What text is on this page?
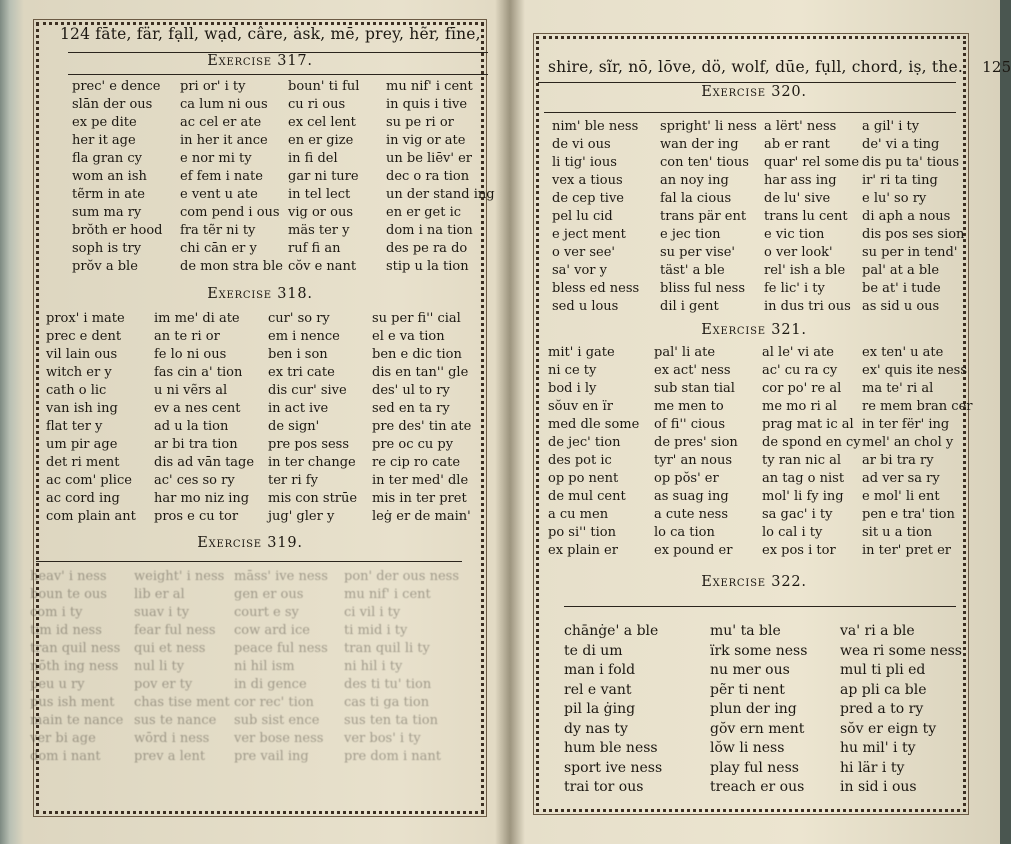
124 fāte, fär, fạll, wạd, câre, ȧsk, mē, prey, hẽr, fīne,
Exercise 317.
prec' e dence
slān der ous
ex pe dite
her it age
fla gran cy
wom an ish
tẽrm in ate
sum ma ry
brŏth er hood
soph is try
prŏv a ble
pri or' i ty
ca lum ni ous
ac cel er ate
in her it ance
e nor mi ty
ef fem i nate
e vent u ate
com pend i ous
fra tẽr ni ty
chi cān er y
de mon stra ble
boun' ti ful
cu ri ous
ex cel lent
en er gize
in fi del
gar ni ture
in tel lect
vig or ous
mäs ter y
ruf fi an
cŏv e nant
mu nif' i cent
in quis i tive
su pe ri or
in vig or ate
un be liēv' er
dec o ra tion
un der stand ing
en er get ic
dom i na tion
des pe ra do
stip u la tion
Exercise 318.
prox' i mate
prec e dent
vil lain ous
witch er y
cath o lic
van ish ing
flat ter y
um pir age
det ri ment
ac com' plice
ac cord ing
com plain ant
im me' di ate
an te ri or
fe lo ni ous
fas cin a' tion
u ni vẽrs al
ev a nes cent
ad u la tion
ar bi tra tion
dis ad vān tage
ac' ces so ry
har mo niz ing
pros e cu tor
cur' so ry
em i nence
ben i son
ex tri cate
dis cur' sive
in act ive
de sign'
pre pos sess
in ter change
ter ri fy
mis con strūe
jug' gler y
su per fi'' cial
el e va tion
ben e dic tion
dis en tan'' gle
des' ul to ry
sed en ta ry
pre des' tin ate
pre oc cu py
re cip ro cate
in ter med' dle
mis in ter pret
leġ er de main'
Exercise 319.
heav' i ness
boun te ous
com i ty
tim id ness
tran quil ness
nōth ing ness
peu u ry
pus ish ment
main te nance
ver bi age
dom i nant
weight' i ness
lib er al
suav i ty
fear ful ness
qui et ness
nul li ty
pov er ty
chas tise ment
sus te nance
wōrd i ness
prev a lent
māss' ive ness
gen er ous
court e sy
cow ard ice
peace ful ness
ni hil ism
in di gence
cor rec' tion
sub sist ence
ver bose ness
pre vail ing
pon' der ous ness
mu nif' i cent
ci vil i ty
ti mid i ty
tran quil li ty
ni hil i ty
des ti tu' tion
cas ti ga tion
sus ten ta tion
ver bos' i ty
pre dom i nant
shire, sĩr, nō, lōve, dö, wolf, dūe, fụll, chord, iṣ, the. 125
Exercise 320.
nim' ble ness
de vi ous
li tig' ious
vex a tious
de cep tive
pel lu cid
e ject ment
o ver see'
sa' vor y
bless ed ness
sed u lous
spright' li ness
wan der ing
con ten' tious
an noy ing
fal la cious
trans pär ent
e jec tion
su per vise'
täst' a ble
bliss ful ness
dil i gent
a lërt' ness
ab er rant
quar' rel some
har ass ing
de lu' sive
trans lu cent
e vic tion
o ver look'
rel' ish a ble
fe lic' i ty
in dus tri ous
a gil' i ty
de' vi a ting
dis pu ta' tious
ir' ri ta ting
e lu' so ry
di aph a nous
dis pos ses sion
su per in tend'
pal' at a ble
be at' i tude
as sid u ous
Exercise 321.
mit' i gate
ni ce ty
bod i ly
sŏuv en ïr
med dle some
de jec' tion
des pot ic
op po nent
de mul cent
a cu men
po si'' tion
ex plain er
pal' li ate
ex act' ness
sub stan tial
me men to
of fi'' cious
de pres' sion
tyr' an nous
op pŏs' er
as suag ing
a cute ness
lo ca tion
ex pound er
al le' vi ate
ac' cu ra cy
cor po' re al
me mo ri al
prag mat ic al
de spond en cy
ty ran nic al
an tag o nist
mol' li fy ing
sa gac' i ty
lo cal i ty
ex pos i tor
ex ten' u ate
ex' quis ite ness
ma te' ri al
re mem bran cer
in ter fër' ing
mel' an chol y
ar bi tra ry
ad ver sa ry
e mol' li ent
pen e tra' tion
sit u a tion
in ter' pret er
Exercise 322.
chānġe' a ble
te di um
man i fold
rel e vant
pil la ġing
dy nas ty
hum ble ness
sport ive ness
trai tor ous
mu' ta ble
ïrk some ness
nu mer ous
pẽr ti nent
plun der ing
gŏv ern ment
lŏw li ness
play ful ness
treach er ous
va' ri a ble
wea ri some ness
mul ti pli ed
ap pli ca ble
pred a to ry
sŏv er eign ty
hu mil' i ty
hi lär i ty
in sid i ous
